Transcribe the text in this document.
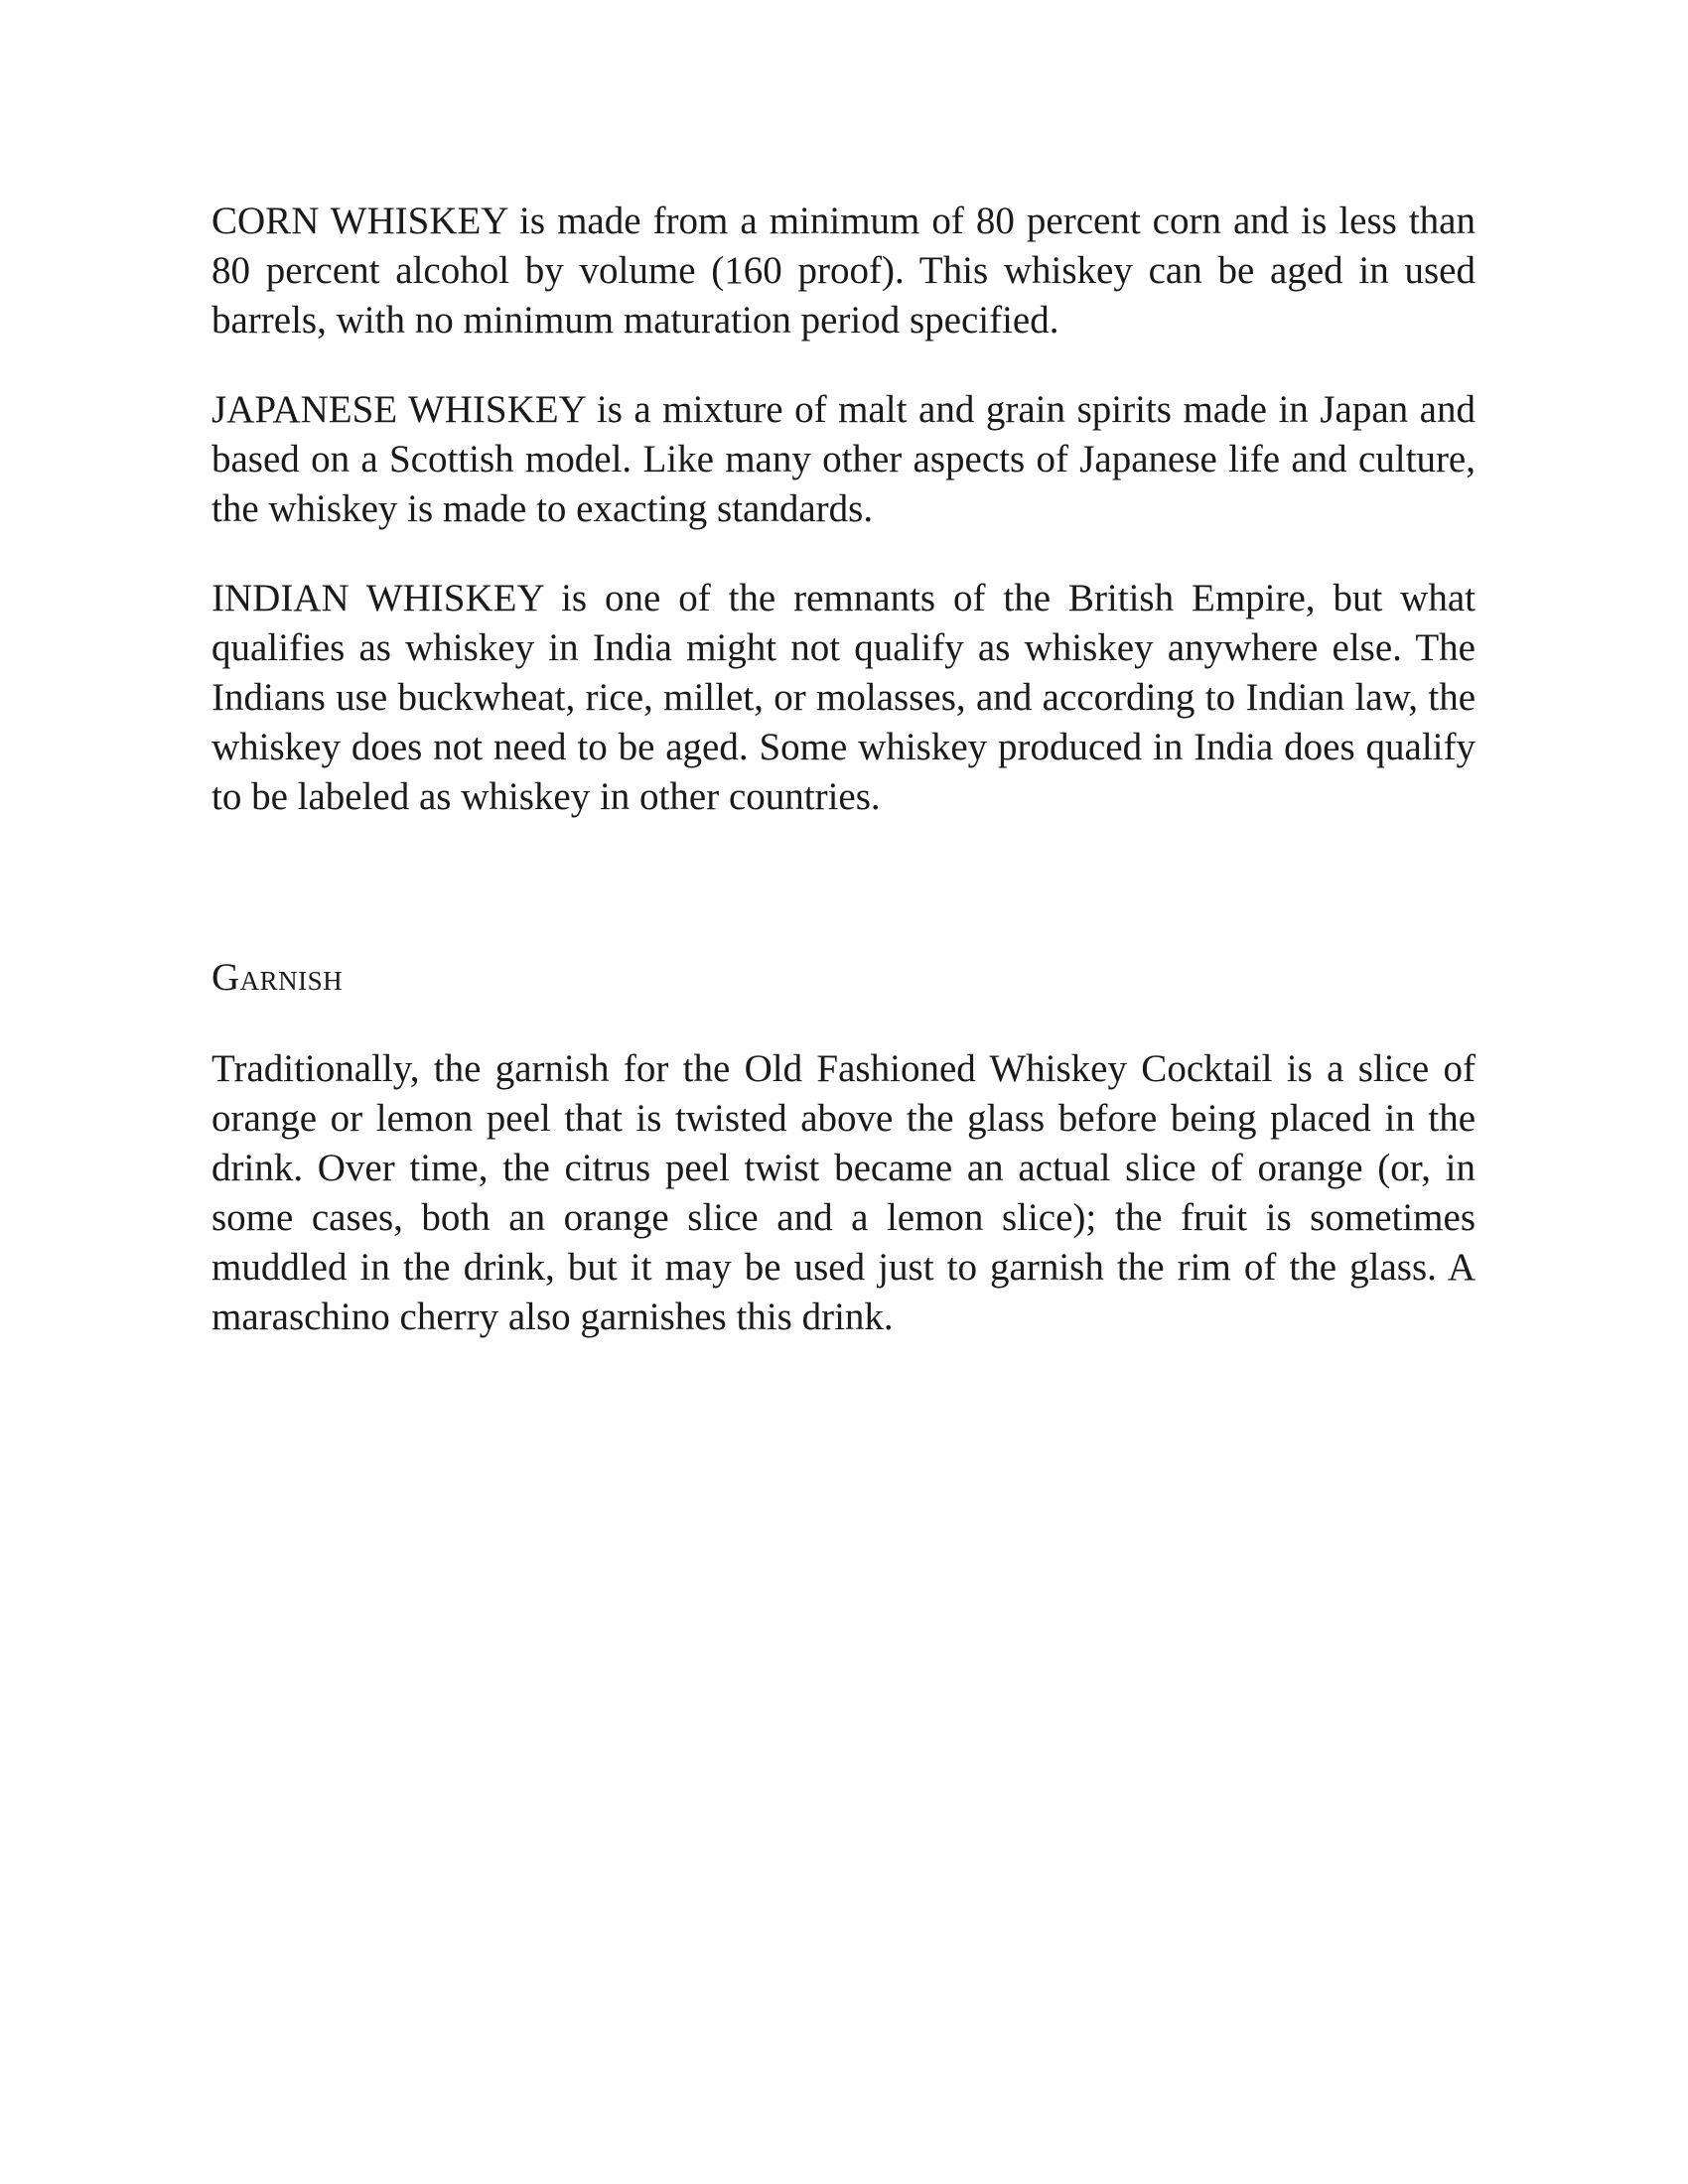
CORN WHISKEY is made from a minimum of 80 percent corn and is less than 80 percent alcohol by volume (160 proof). This whiskey can be aged in used barrels, with no minimum maturation period specified.

JAPANESE WHISKEY is a mixture of malt and grain spirits made in Japan and based on a Scottish model. Like many other aspects of Japanese life and culture, the whiskey is made to exacting standards.

INDIAN WHISKEY is one of the remnants of the British Empire, but what qualifies as whiskey in India might not qualify as whiskey anywhere else. The Indians use buckwheat, rice, millet, or molasses, and according to Indian law, the whiskey does not need to be aged. Some whiskey produced in India does qualify to be labeled as whiskey in other countries.

Garnish

Traditionally, the garnish for the Old Fashioned Whiskey Cocktail is a slice of orange or lemon peel that is twisted above the glass before being placed in the drink. Over time, the citrus peel twist became an actual slice of orange (or, in some cases, both an orange slice and a lemon slice); the fruit is sometimes muddled in the drink, but it may be used just to garnish the rim of the glass. A maraschino cherry also garnishes this drink.
